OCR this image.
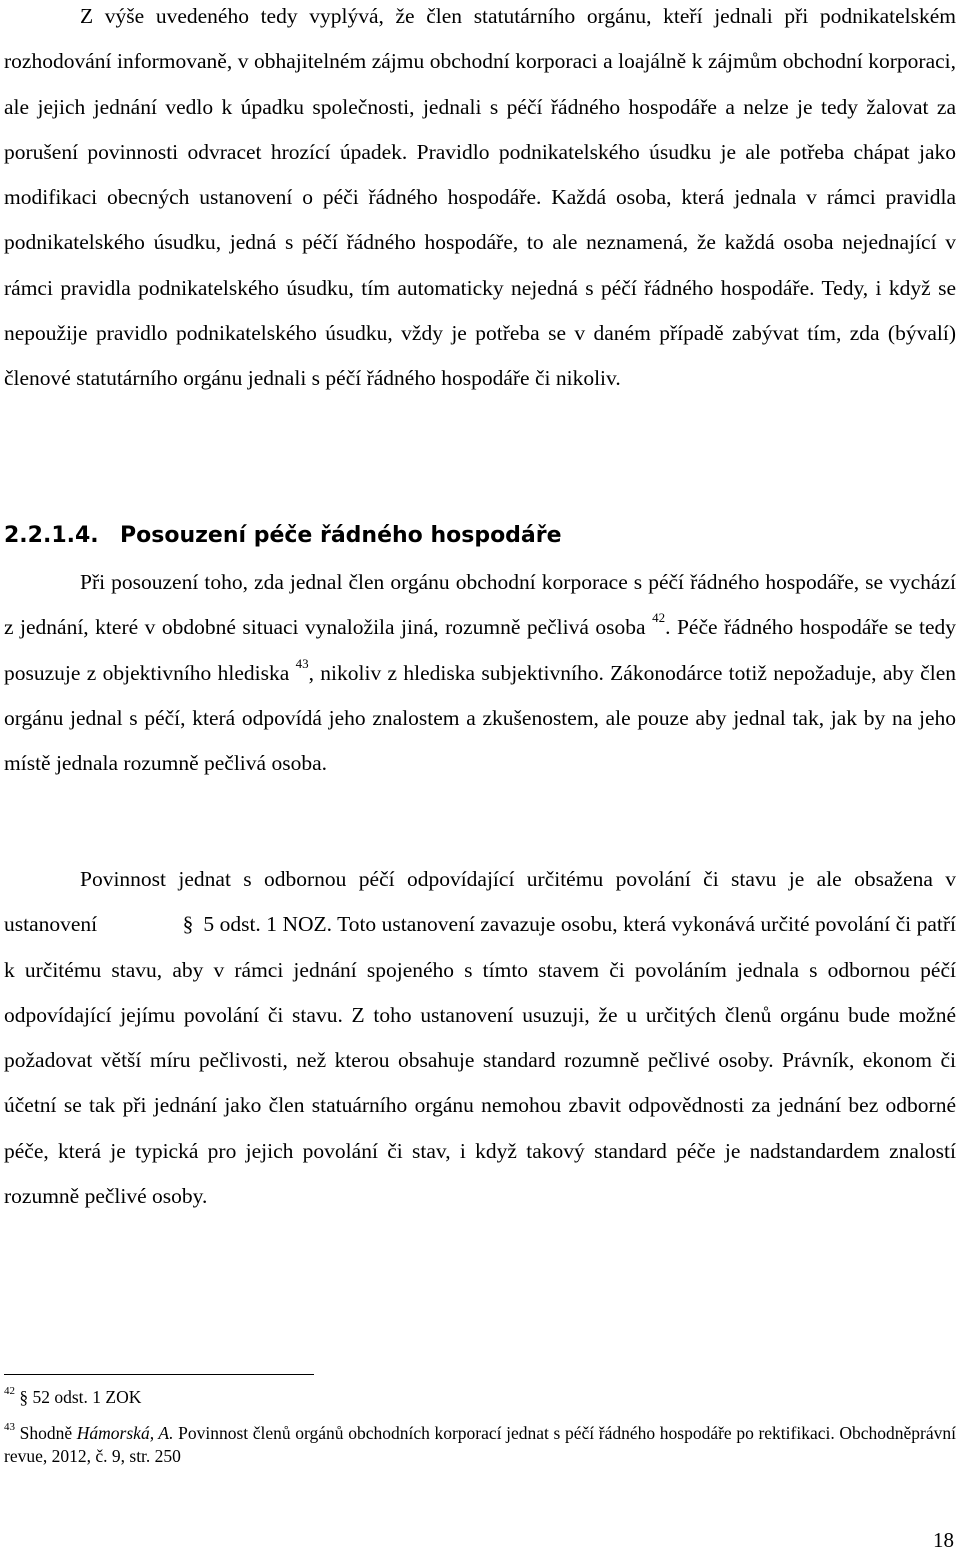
Z výše uvedeného tedy vyplývá, že člen statutárního orgánu, kteří jednali při podnikatelském rozhodování informovaně, v obhajitelném zájmu obchodní korporaci a loajálně k zájmům obchodní korporaci, ale jejich jednání vedlo k úpadku společnosti, jednali s péčí řádného hospodáře a nelze je tedy žalovat za porušení povinnosti odvracet hrozící úpadek. Pravidlo podnikatelského úsudku je ale potřeba chápat jako modifikaci obecných ustanovení o péči řádného hospodáře. Každá osoba, která jednala v rámci pravidla podnikatelského úsudku, jedná s péčí řádného hospodáře, to ale neznamená, že každá osoba nejednající v rámci pravidla podnikatelského úsudku, tím automaticky nejedná s péčí řádného hospodáře. Tedy, i když se nepoužije pravidlo podnikatelského úsudku, vždy je potřeba se v daném případě zabývat tím, zda (bývalí) členové statutárního orgánu jednali s péčí řádného hospodáře či nikoliv.

2.2.1.4. Posouzení péče řádného hospodáře

Při posouzení toho, zda jednal člen orgánu obchodní korporace s péčí řádného hospodáře, se vychází z jednání, které v obdobné situaci vynaložila jiná, rozumně pečlivá osoba $^{42}$. Péče řádného hospodáře se tedy posuzuje z objektivního hlediska $^{43}$, nikoliv z hlediska subjektivního. Zákonodárce totiž nepožaduje, aby člen orgánu jednal s péčí, která odpovídá jeho znalostem a zkušenostem, ale pouze aby jednal tak, jak by na jeho místě jednala rozumně pečlivá osoba.

Povinnost jednat s odbornou péčí odpovídající určitému povolání či stavu je ale obsažena v ustanovení	§ 5 odst. 1 NOZ. Toto ustanovení zavazuje osobu, která vykonává určité povolání či patří k určitému stavu, aby v rámci jednání spojeného s tímto stavem či povoláním jednala s odbornou péčí odpovídající jejímu povolání či stavu. Z toho ustanovení usuzuji, že u určitých členů orgánu bude možné požadovat větší míru pečlivosti, než kterou obsahuje standard rozumně pečlivé osoby. Právník, ekonom či účetní se tak při jednání jako člen statuárního orgánu nemohou zbavit odpovědnosti za jednání bez odborné péče, která je typická pro jejich povolání či stav, i když takový standard péče je nadstandardem znalostí rozumně pečlivé osoby.

$^{42}$ § 52 odst. 1 ZOK

$^{43}$ Shodně Hámorská, A. Povinnost členů orgánů obchodních korporací jednat s péčí řádného hospodáře po rektifikaci. Obchodněprávní revue, 2012, č. 9, str. 250

18
